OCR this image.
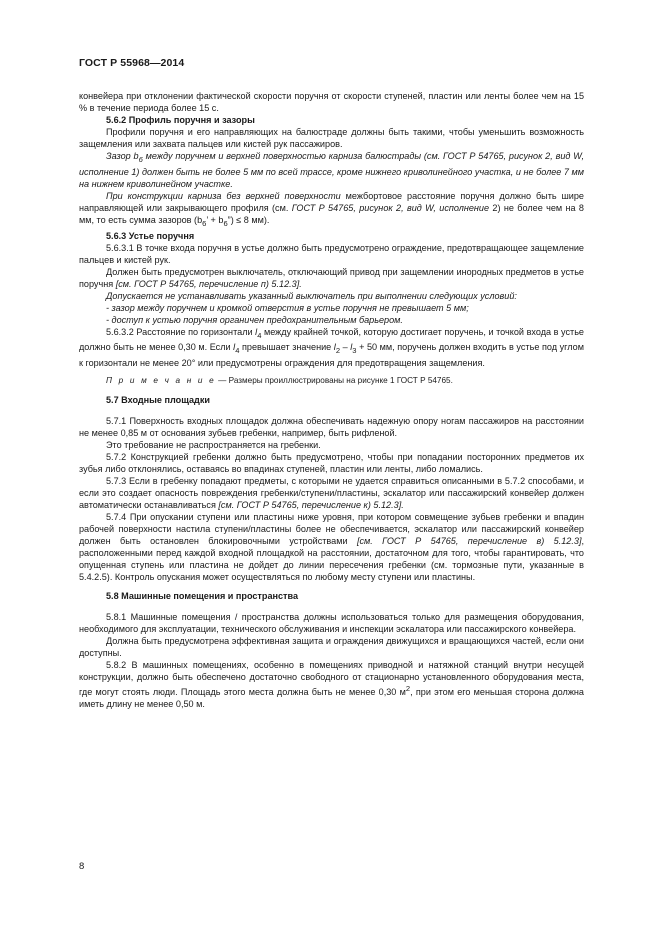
ГОСТ Р 55968—2014

конвейера при отклонении фактической скорости поручня от скорости ступеней, пластин или ленты более чем на 15 % в течение периода более 15 с.

5.6.2 Профиль поручня и зазоры

Профили поручня и его направляющих на балюстраде должны быть такими, чтобы уменьшить возможность защемления или захвата пальцев или кистей рук пассажиров.

Зазор $b_6$ между поручнем и верхней поверхностью карниза балюстрады (см. ГОСТ Р 54765, рисунок 2, вид W, исполнение 1) должен быть не более 5 мм по всей трассе, кроме нижнего криволинейного участка, и не более 7 мм на нижнем криволинейном участке.

При конструкции карниза без верхней поверхности межбортовое расстояние поручня должно быть шире направляющей или закрывающего профиля (см. ГОСТ Р 54765, рисунок 2, вид W, исполнение 2) не более чем на 8 мм, то есть сумма зазоров ($b_6$’ + $b_6”) \le 8$ мм).

5.6.3 Устье поручня

5.6.3.1 В точке входа поручня в устье должно быть предусмотрено ограждение, предотвращающее защемление пальцев и кистей рук.

Должен быть предусмотрен выключатель, отключающий привод при защемлении инородных предметов в устье поручня [см. ГОСТ Р 54765, перечисление п) 5.12.3].

Допускается не устанавливать указанный выключатель при выполнении следующих условий:

- зазор между поручнем и кромкой отверстия в устье поручня не превышает 5 мм;

- доступ к устью поручня органичен предохранительным барьером.

5.6.3.2 Расстояние по горизонтали $l_4$ между крайней точкой, которую достигает поручень, и точкой входа в устье должно быть не менее 0,30 м. Если $l_4$ превышает значение $l_2 - l_3 + 50$ мм, поручень должен входить в устье под углом к горизонтали не менее 20° или предусмотрены ограждения для предотвращения защемления.

П р и м е ч а н и е — Размеры проиллюстрированы на рисунке 1 ГОСТ Р 54765.

5.7 Входные площадки

5.7.1 Поверхность входных площадок должна обеспечивать надежную опору ногам пассажиров на расстоянии не менее 0,85 м от основания зубьев гребенки, например, быть рифленой.

Это требование не распространяется на гребенки.

5.7.2 Конструкцией гребенки должно быть предусмотрено, чтобы при попадании посторонних предметов их зубья либо отклонялись, оставаясь во впадинах ступеней, пластин или ленты, либо ломались.

5.7.3 Если в гребенку попадают предметы, с которыми не удается справиться описанными в 5.7.2 способами, и если это создает опасность повреждения гребенки/ступени/пластины, эскалатор или пассажирский конвейер должен автоматически останавливаться [см. ГОСТ Р 54765, перечисление к) 5.12.3].

5.7.4 При опускании ступени или пластины ниже уровня, при котором совмещение зубьев гребенки и впадин рабочей поверхности настила ступени/пластины более не обеспечивается, эскалатор или пассажирский конвейер должен быть остановлен блокировочными устройствами [см. ГОСТ Р 54765, перечисление в) 5.12.3], расположенными перед каждой входной площадкой на расстоянии, достаточном для того, чтобы гарантировать, что опущенная ступень или пластина не дойдет до линии пересечения гребенки (см. тормозные пути, указанные в 5.4.2.5). Контроль опускания может осуществляться по любому месту ступени или пластины.

5.8 Машинные помещения и пространства

5.8.1 Машинные помещения / пространства должны использоваться только для размещения оборудования, необходимого для эксплуатации, технического обслуживания и инспекции эскалатора или пассажирского конвейера.

Должна быть предусмотрена эффективная защита и ограждения движущихся и вращающихся частей, если они доступны.

5.8.2 В машинных помещениях, особенно в помещениях приводной и натяжной станций внутри несущей конструкции, должно быть обеспечено достаточно свободного от стационарно установленного оборудования места, где могут стоять люди. Площадь этого места должна быть не менее 0,30 $м^2$, при этом его меньшая сторона должна иметь длину не менее 0,50 м.

8
